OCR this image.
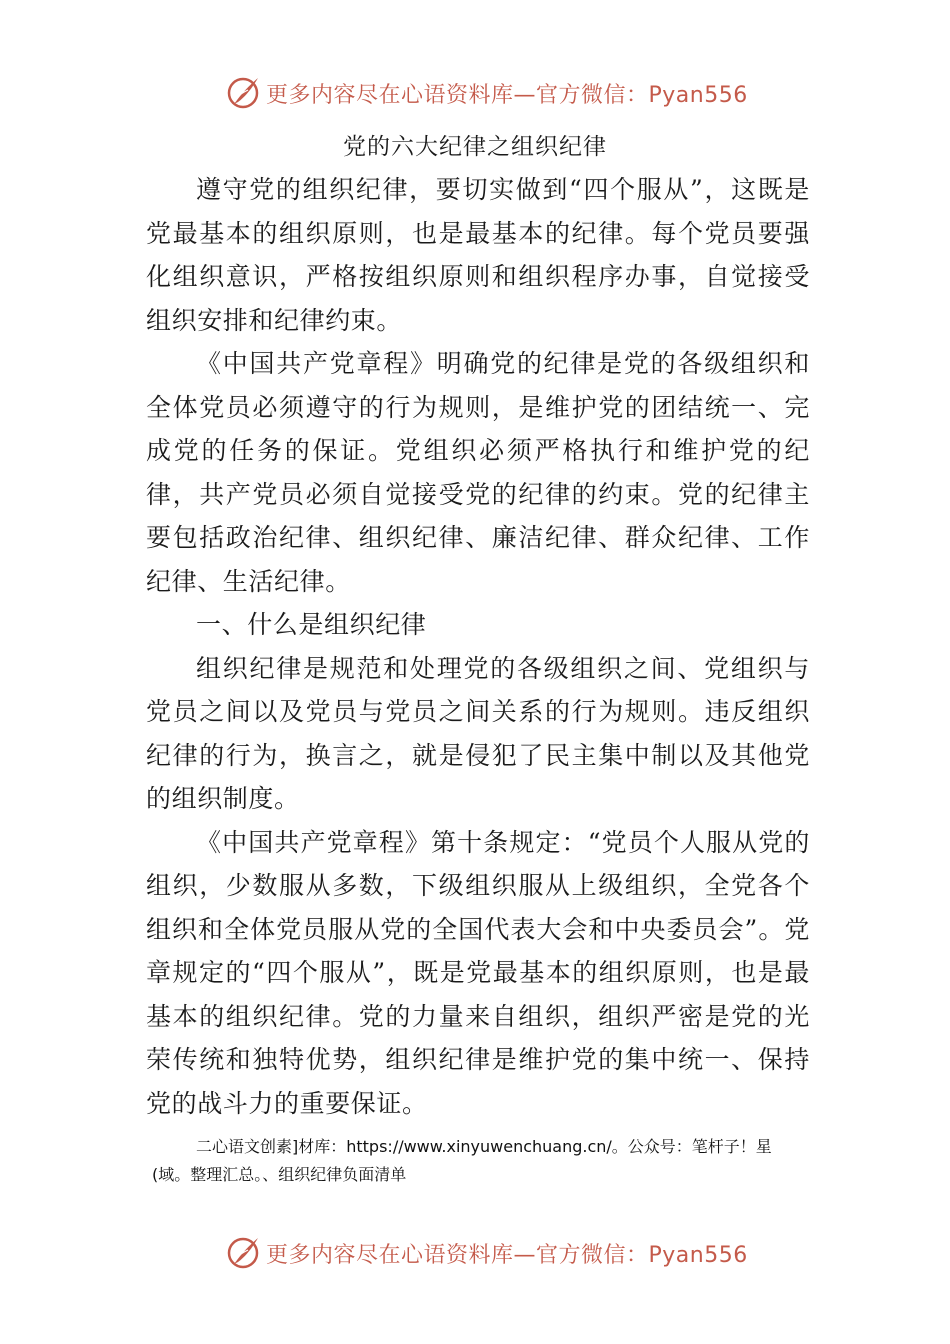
更多内容尽在心语资料库—官方微信：Pyan556
党的六大纪律之组织纪律

遵守党的组织纪律，要切实做到“四个服从”，这既是党最基本的组织原则，也是最基本的纪律。每个党员要强化组织意识，严格按组织原则和组织程序办事，自觉接受组织安排和纪律约束。

《中国共产党章程》明确党的纪律是党的各级组织和全体党员必须遵守的行为规则，是维护党的团结统一、完成党的任务的保证。党组织必须严格执行和维护党的纪律，共产党员必须自觉接受党的纪律的约束。党的纪律主要包括政治纪律、组织纪律、廉洁纪律、群众纪律、工作纪律、生活纪律。

一、什么是组织纪律

组织纪律是规范和处理党的各级组织之间、党组织与党员之间以及党员与党员之间关系的行为规则。违反组织纪律的行为，换言之，就是侵犯了民主集中制以及其他党的组织制度。

《中国共产党章程》第十条规定：“党员个人服从党的组织，少数服从多数，下级组织服从上级组织，全党各个组织和全体党员服从党的全国代表大会和中央委员会”。党章规定的“四个服从”，既是党最基本的组织原则，也是最基本的组织纪律。党的力量来自组织，组织严密是党的光荣传统和独特优势，组织纪律是维护党的集中统一、保持党的战斗力的重要保证。

二心语文创素]材库：https://www.xinyuwenchuang.cn/。公众号：笔杆子！星
(域。整理汇总。、组织纪律负面清单
更多内容尽在心语资料库—官方微信：Pyan556
